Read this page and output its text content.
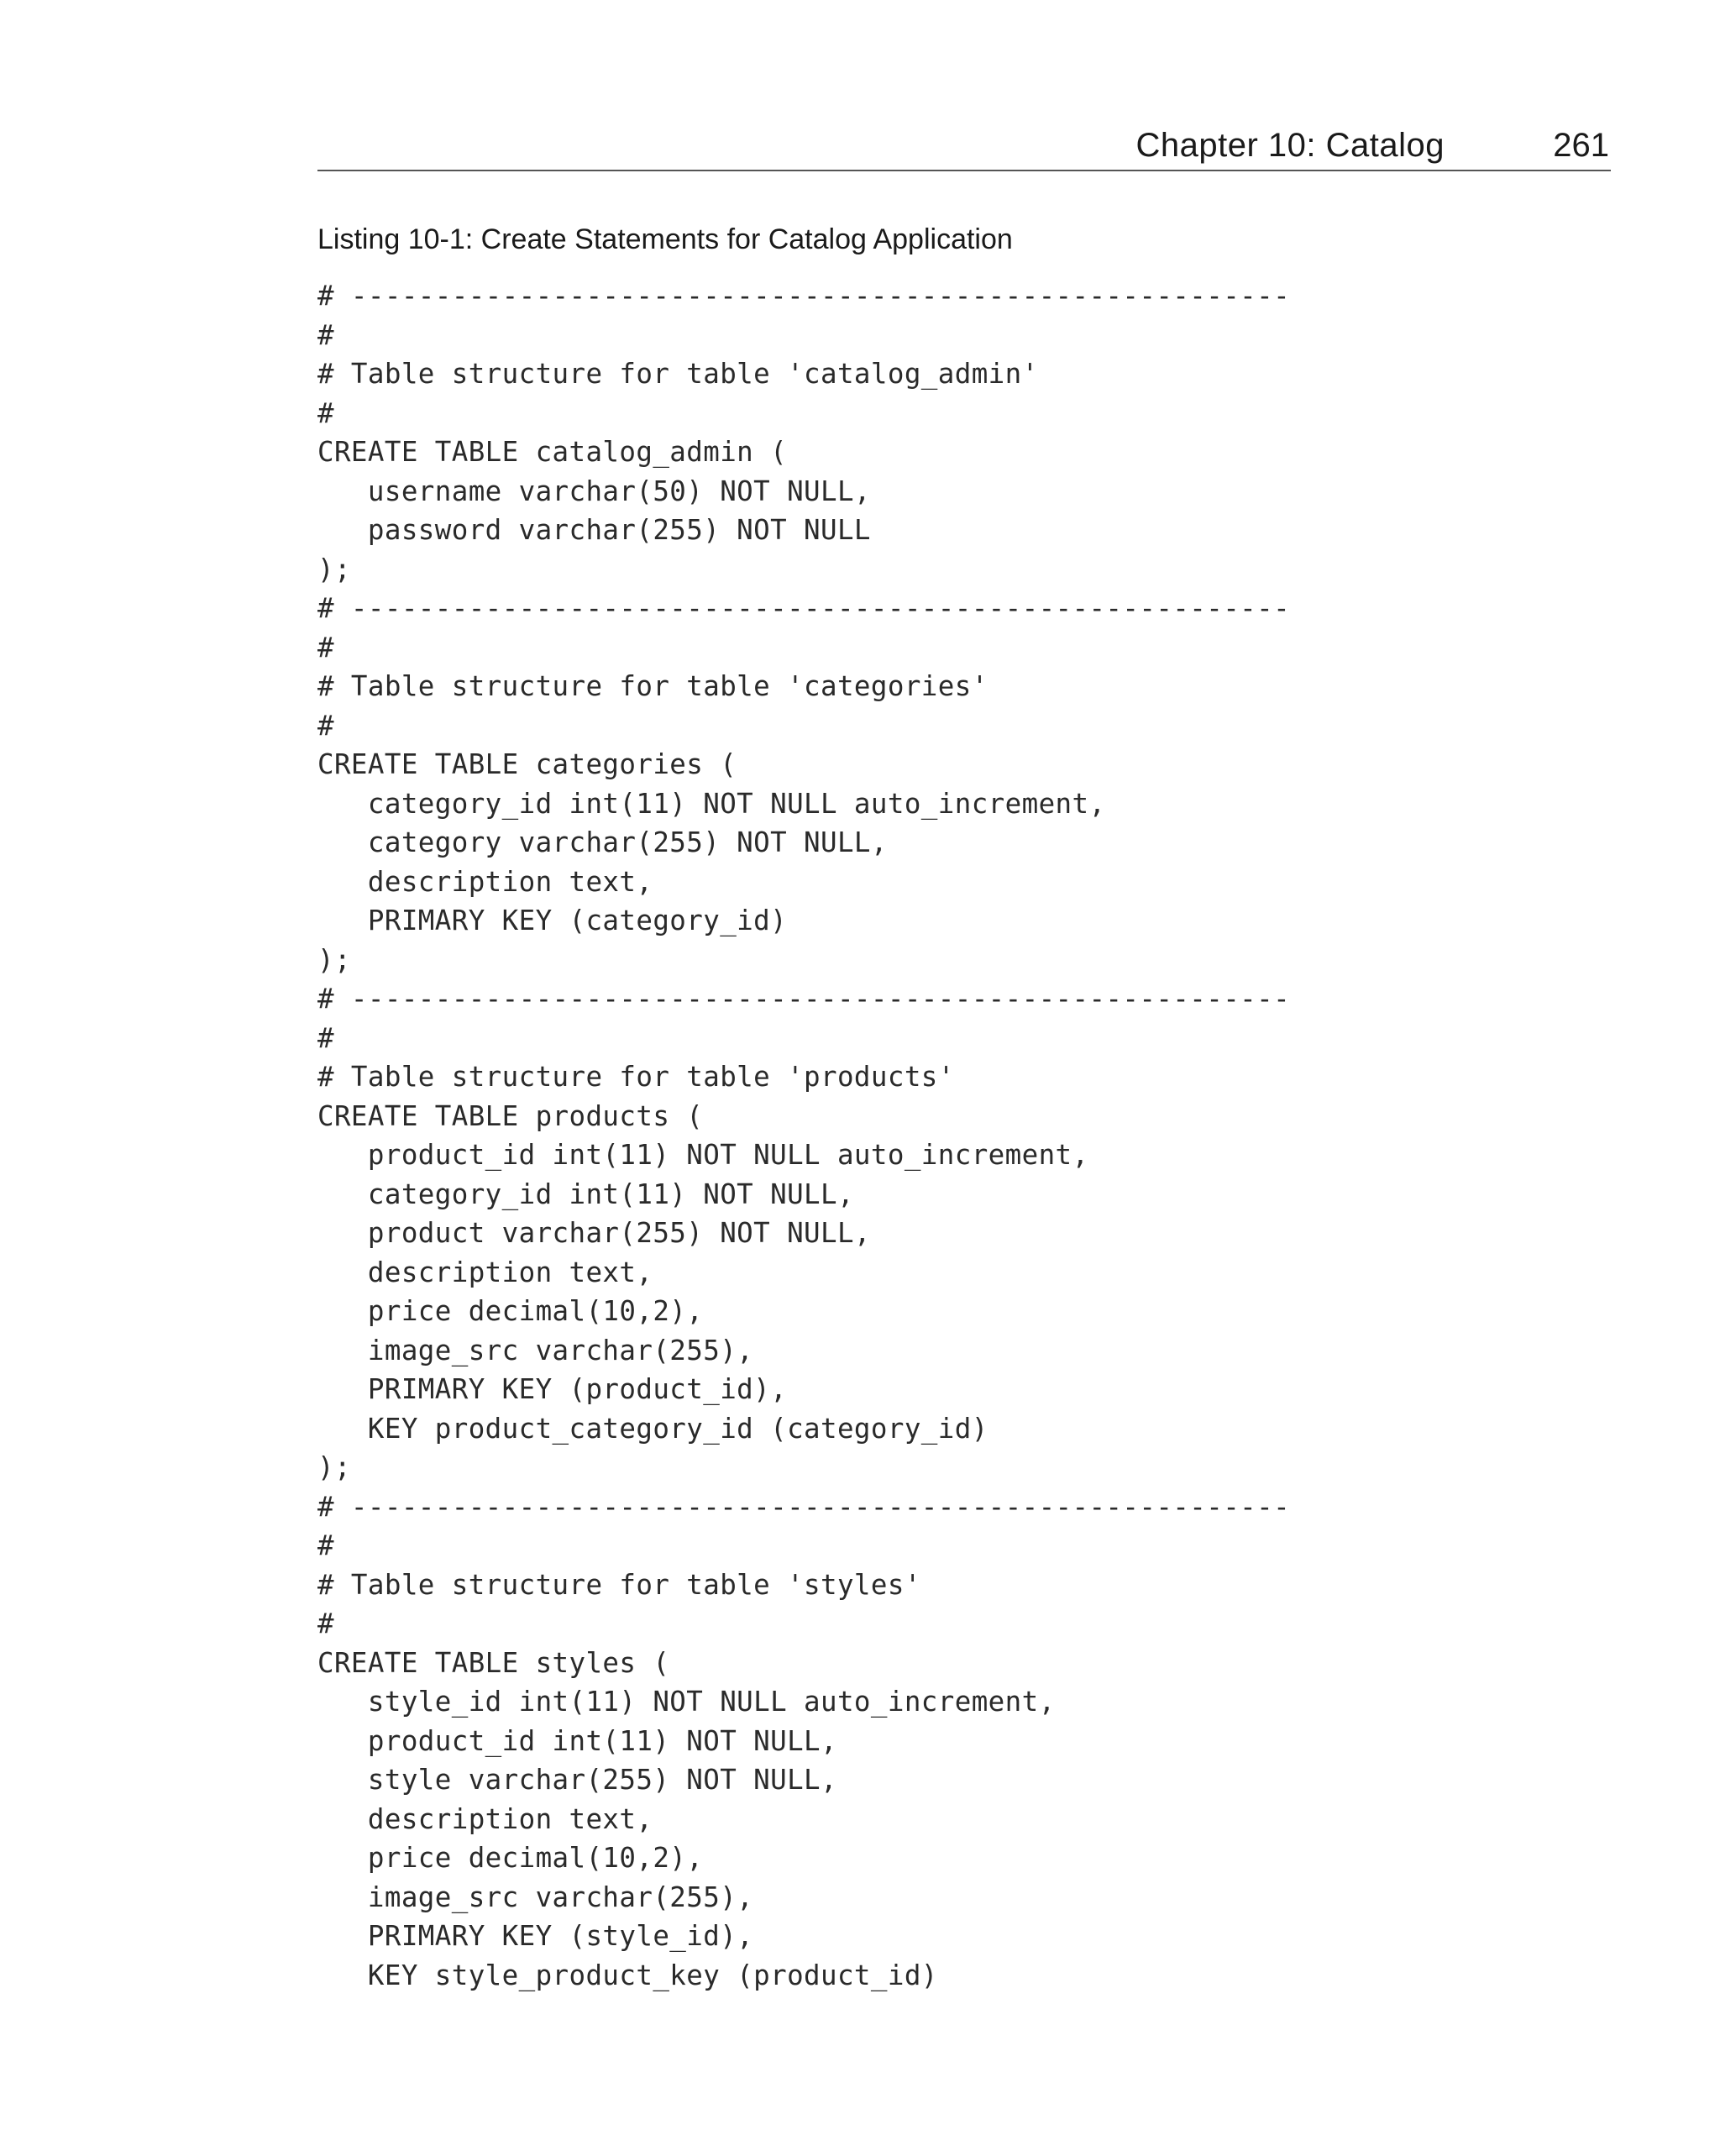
Chapter 10: Catalog	261
Listing 10-1: Create Statements for Catalog Application
# --------------------------------------------------------
#
# Table structure for table 'catalog_admin'
#
CREATE TABLE catalog_admin (
username varchar(50) NOT NULL,
password varchar(255) NOT NULL
);
# --------------------------------------------------------
#
# Table structure for table 'categories'
#
CREATE TABLE categories (
category_id int(11) NOT NULL auto_increment,
category varchar(255) NOT NULL,
description text,
PRIMARY KEY (category_id)
);
# --------------------------------------------------------
#
# Table structure for table 'products'
CREATE TABLE products (
product_id int(11) NOT NULL auto_increment,
category_id int(11) NOT NULL,
product varchar(255) NOT NULL,
description text,
price decimal(10,2),
image_src varchar(255),
PRIMARY KEY (product_id),
KEY product_category_id (category_id)
);
# --------------------------------------------------------
#
# Table structure for table 'styles'
#
CREATE TABLE styles (
style_id int(11) NOT NULL auto_increment,
product_id int(11) NOT NULL,
style varchar(255) NOT NULL,
description text,
price decimal(10,2),
image_src varchar(255),
PRIMARY KEY (style_id),
KEY style_product_key (product_id)
